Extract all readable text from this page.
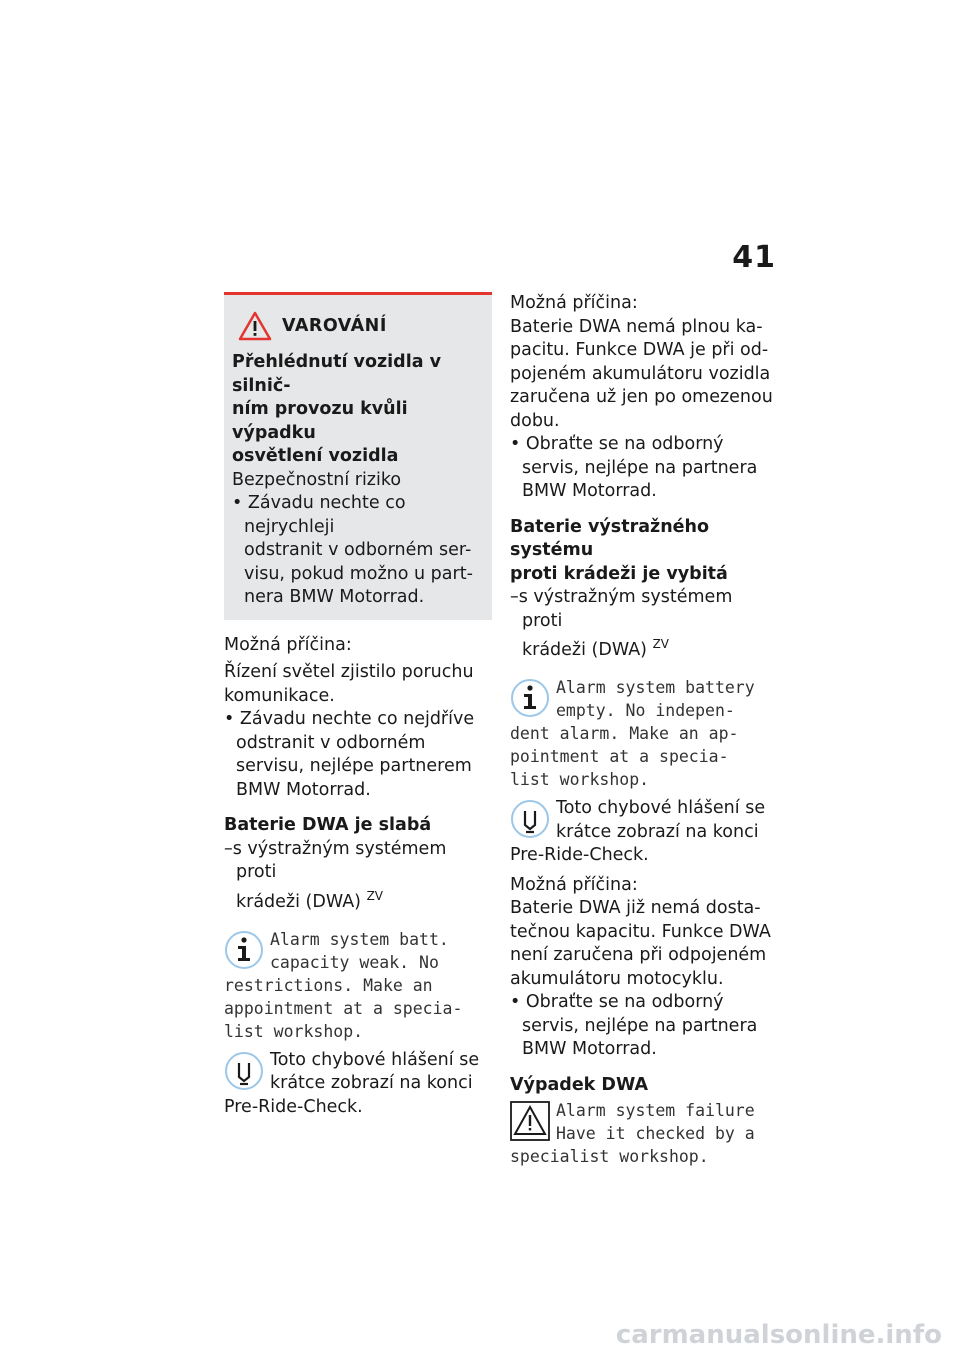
41
VAROVÁNÍ
Přehlédnutí vozidla v silnič-
ním provozu kvůli výpadku
osvětlení vozidla
Bezpečnostní riziko
• Závadu nechte co nejrychleji
odstranit v odborném ser-
visu, pokud možno u part-
nera BMW Motorrad.
Možná příčina:
Řízení světel zjistilo poruchu
komunikace.
• Závadu nechte co nejdříve
odstranit v odborném
servisu, nejlépe partnerem
BMW Motorrad.
Baterie DWA je slabá
–s výstražným systémem proti
krádeži (DWA) $^{ZV}$
Alarm system batt.
capacity weak. No
restrictions. Make an
appointment at a specia-
list workshop.
Toto chybové hlášení se
krátce zobrazí na konci
Pre-Ride-Check.
Možná příčina:
Baterie DWA nemá plnou ka-
pacitu. Funkce DWA je při od-
pojeném akumulátoru vozidla
zaručena už jen po omezenou
dobu.
• Obraťte se na odborný
servis, nejlépe na partnera
BMW Motorrad.
Baterie výstražného systému
proti krádeži je vybitá
–s výstražným systémem proti
krádeži (DWA) $^{ZV}$
Alarm system battery
empty. No indepen-
dent alarm. Make an ap-
pointment at a specia-
list workshop.
Toto chybové hlášení se
krátce zobrazí na konci
Pre-Ride-Check.
Možná příčina:
Baterie DWA již nemá dosta-
tečnou kapacitu. Funkce DWA
není zaručena při odpojeném
akumulátoru motocyklu.
• Obraťte se na odborný
servis, nejlépe na partnera
BMW Motorrad.
Výpadek DWA
Alarm system failure
Have it checked by a
specialist workshop.
carmanualsonline.info
